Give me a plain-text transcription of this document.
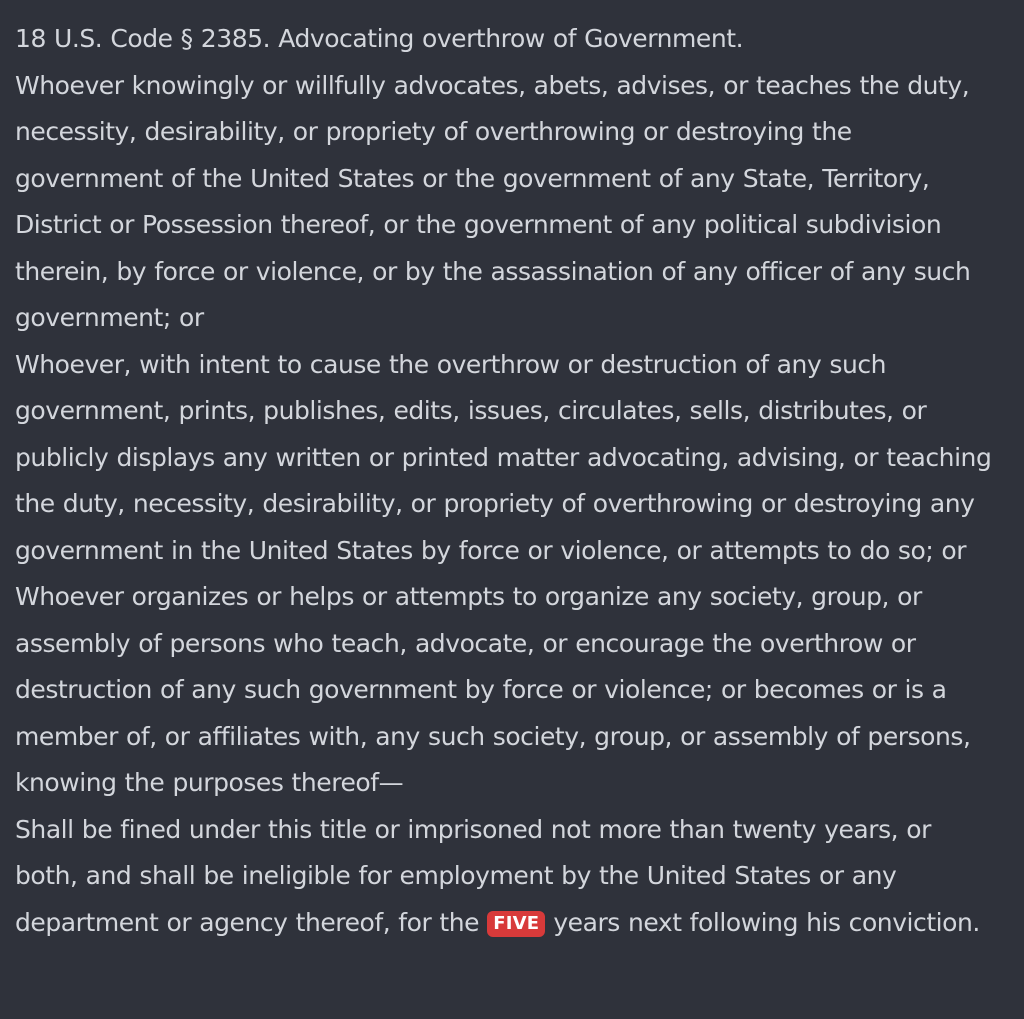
18 U.S. Code § 2385. Advocating overthrow of Government.

Whoever knowingly or willfully advocates, abets, advises, or teaches the duty, necessity, desirability, or propriety of overthrowing or destroying the government of the United States or the government of any State, Territory, District or Possession thereof, or the government of any political subdivision therein, by force or violence, or by the assassination of any officer of any such government; or

Whoever, with intent to cause the overthrow or destruction of any such government, prints, publishes, edits, issues, circulates, sells, distributes, or publicly displays any written or printed matter advocating, advising, or teaching the duty, necessity, desirability, or propriety of overthrowing or destroying any government in the United States by force or violence, or attempts to do so; or

Whoever organizes or helps or attempts to organize any society, group, or assembly of persons who teach, advocate, or encourage the overthrow or destruction of any such government by force or violence; or becomes or is a member of, or affiliates with, any such society, group, or assembly of persons, knowing the purposes thereof—

Shall be fined under this title or imprisoned not more than twenty years, or both, and shall be ineligible for employment by the United States or any department or agency thereof, for the FIVE years next following his conviction.
